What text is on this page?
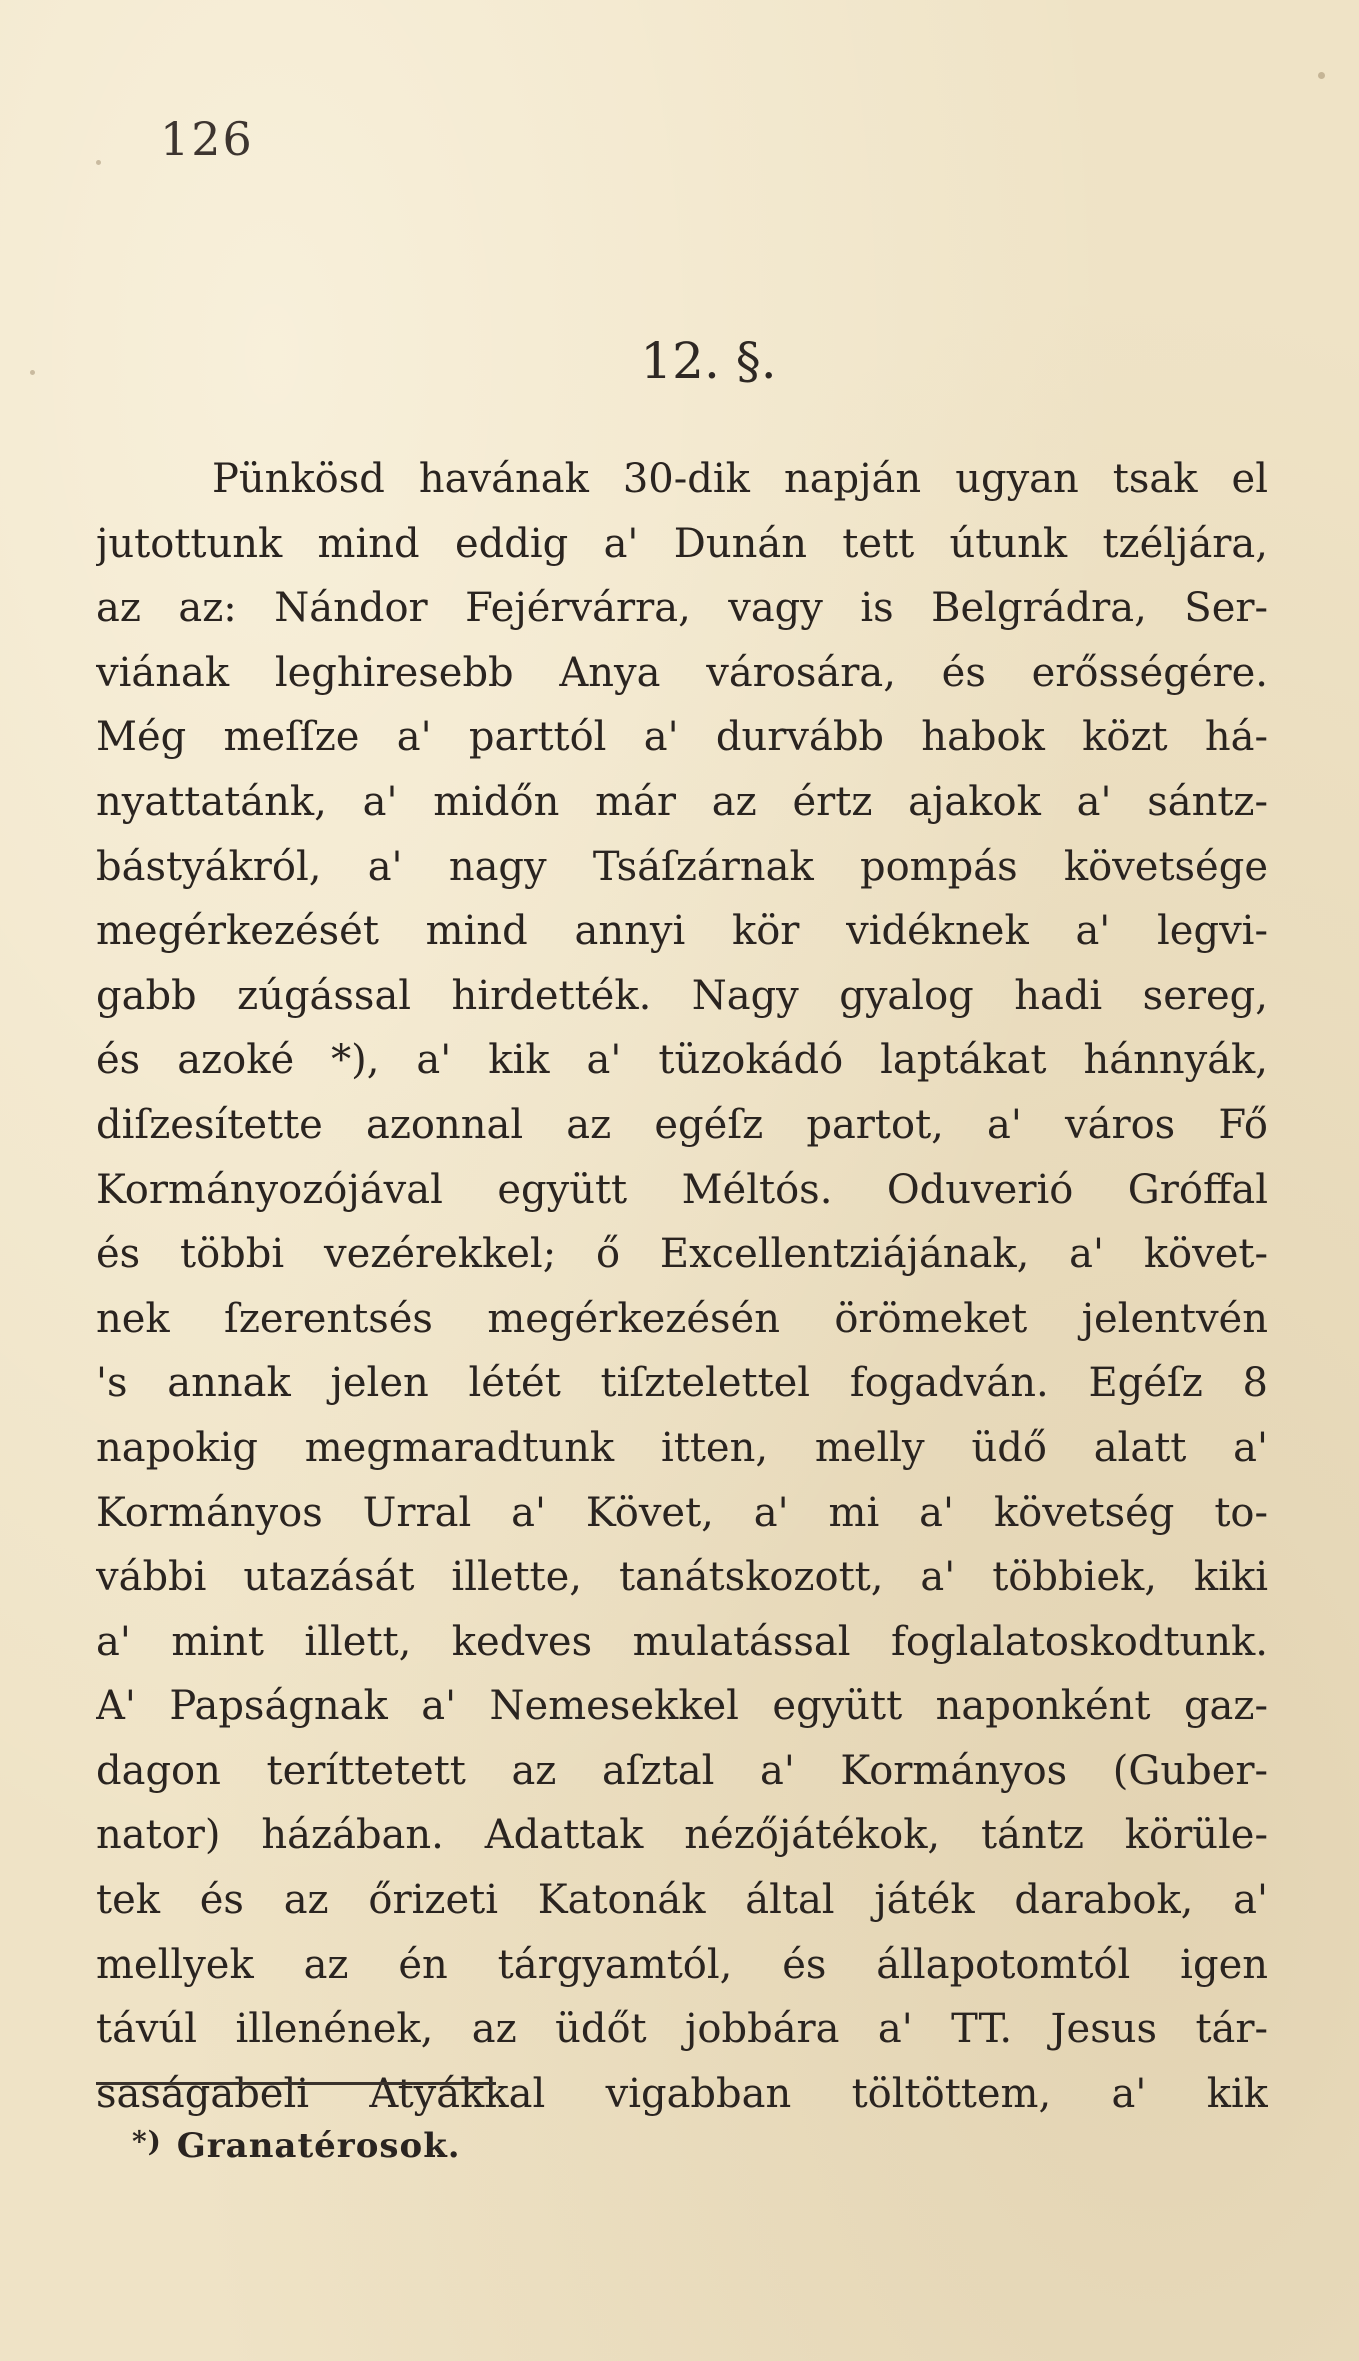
126
12. §.
Pünkösd havának 30-dik napján ugyan tsak el
jutottunk mind eddig a' Dunán tett útunk tzéljára,
az az: Nándor Fejérvárra, vagy is Belgrádra, Ser-
viának leghiresebb Anya városára, és erősségére.
Még meſſze a' parttól a' durvább habok közt há-
nyattatánk, a' midőn már az értz ajakok a' sántz-
bástyákról, a' nagy Tsáſzárnak pompás követsége
megérkezését mind annyi kör vidéknek a' legvi-
gabb zúgással hirdették. Nagy gyalog hadi sereg,
és azoké *), a' kik a' tüzokádó laptákat hánnyák,
diſzesítette azonnal az egéſz partot, a' város Fő
Kormányozójával együtt Méltós. Oduverió Gróffal
és többi vezérekkel; ő Excellentziájának, a' követ-
nek ſzerentsés megérkezésén örömeket jelentvén
's annak jelen létét tiſztelettel fogadván. Egéſz 8
napokig megmaradtunk itten, melly üdő alatt a'
Kormányos Urral a' Követ, a' mi a' követség to-
vábbi utazását illette, tanátskozott, a' többiek, kiki
a' mint illett, kedves mulatással foglalatoskodtunk.
A' Papságnak a' Nemesekkel együtt naponként gaz-
dagon teríttetett az aſztal a' Kormányos (Guber-
nator) házában. Adattak nézőjátékok, tántz körüle-
tek és az őrizeti Katonák által játék darabok, a'
mellyek az én tárgyamtól, és állapotomtól igen
távúl illenének, az üdőt jobbára a' TT. Jesus tár-
saságabeli Atyákkal vigabban töltöttem, a' kik
*) Granatérosok.
